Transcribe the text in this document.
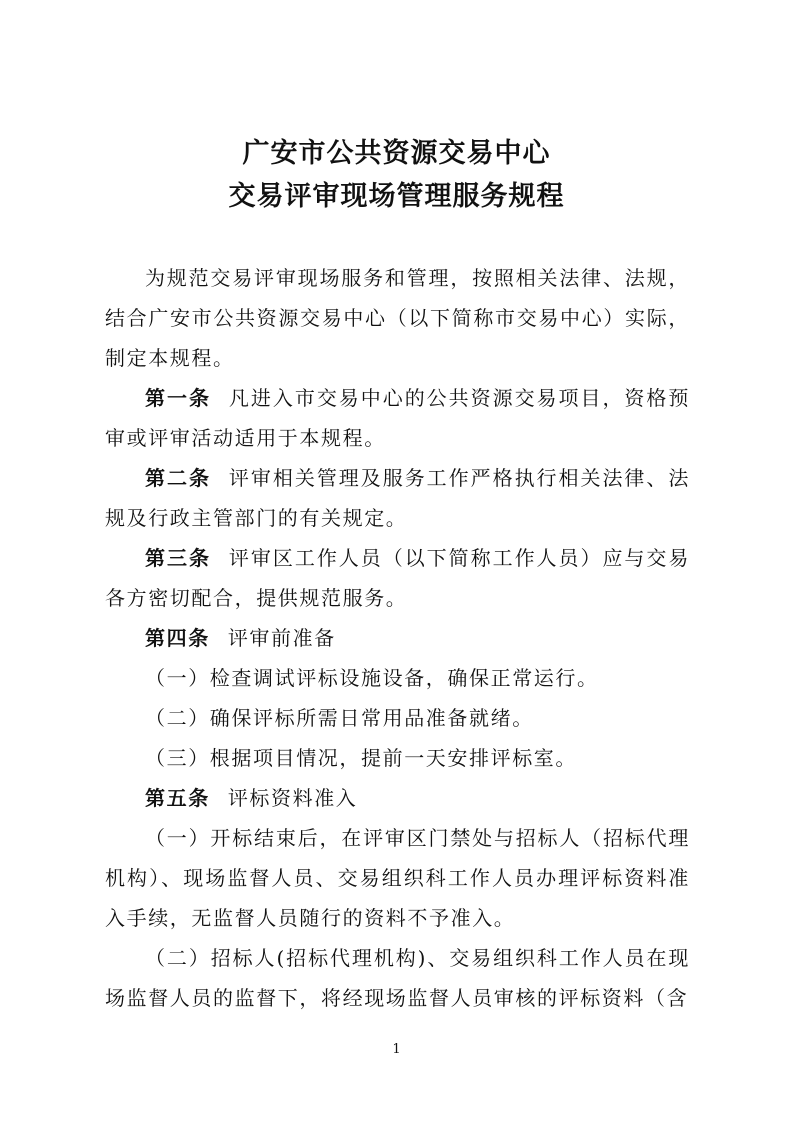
广安市公共资源交易中心
交易评审现场管理服务规程

为规范交易评审现场服务和管理，按照相关法律、法规，结合广安市公共资源交易中心（以下简称市交易中心）实际，制定本规程。

第一条 凡进入市交易中心的公共资源交易项目，资格预审或评审活动适用于本规程。

第二条 评审相关管理及服务工作严格执行相关法律、法规及行政主管部门的有关规定。

第三条 评审区工作人员（以下简称工作人员）应与交易各方密切配合，提供规范服务。

第四条 评审前准备

（一）检查调试评标设施设备，确保正常运行。

（二）确保评标所需日常用品准备就绪。

（三）根据项目情况，提前一天安排评标室。

第五条 评标资料准入

（一）开标结束后，在评审区门禁处与招标人（招标代理机构）、现场监督人员、交易组织科工作人员办理评标资料准入手续，无监督人员随行的资料不予准入。

（二）招标人(招标代理机构)、交易组织科工作人员在现场监督人员的监督下，将经现场监督人员审核的评标资料（含

1
